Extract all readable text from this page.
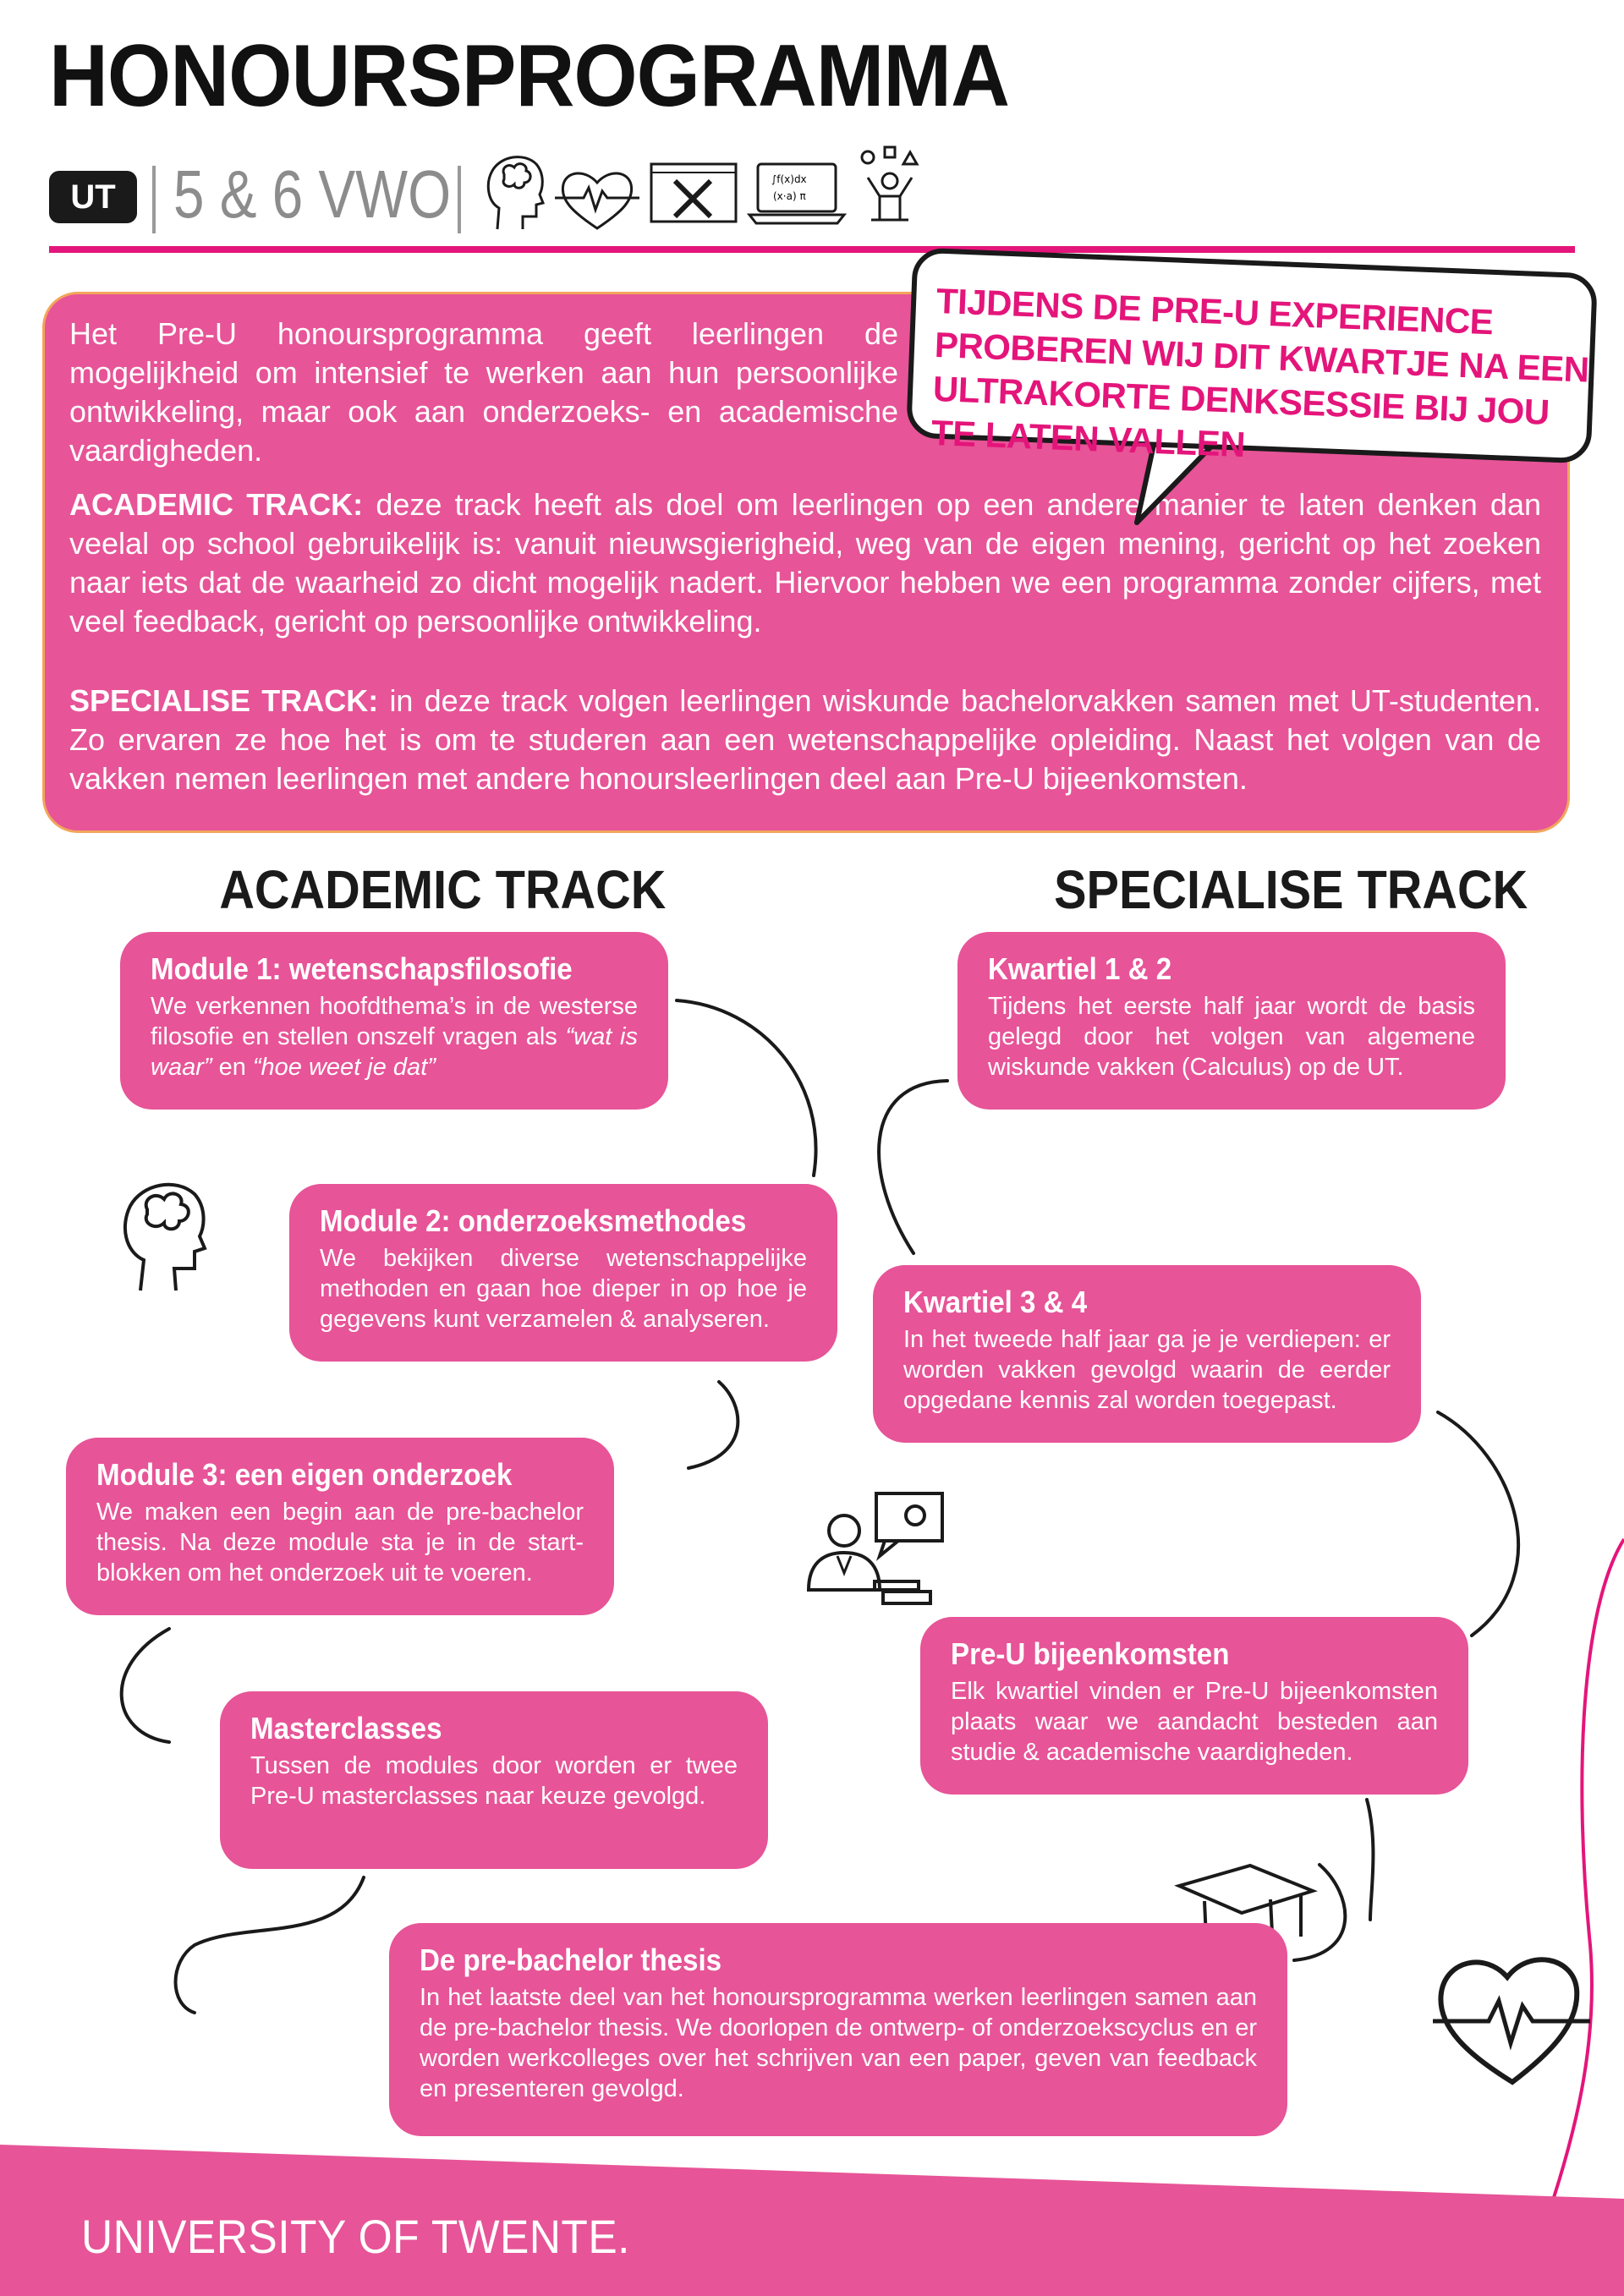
HONOURSPROGRAMMA
UT 5 & 6 VWO	∫f(x)dx
(x·a) π
Het Pre-U honoursprogramma geeft leerlingen de mogelijkheid om intensief te werken aan hun persoonlijke ontwikkeling, maar ook aan onderzoeks- en academische vaardigheden.
ACADEMIC TRACK: deze track heeft als doel om leerlingen op een andere manier te laten denken dan veelal op school gebruikelijk is: vanuit nieuwsgierigheid, weg van de eigen mening, gericht op het zoeken naar iets dat de waarheid zo dicht mogelijk nadert. Hiervoor hebben we een programma zonder cijfers, met veel feedback, gericht op persoonlijke ontwikkeling.
SPECIALISE TRACK: in deze track volgen leerlingen wiskunde bachelorvakken samen met UT-studenten. Zo ervaren ze hoe het is om te studeren aan een wetenschappelijke opleiding. Naast het volgen van de vakken nemen leerlingen met andere honoursleerlingen deel aan Pre-U bijeenkomsten.
TIJDENS DE PRE-U EXPERIENCE PROBEREN WIJ DIT KWARTJE NA EEN ULTRAKORTE DENKSESSIE BIJ JOU TE LATEN VALLEN
ACADEMIC TRACK	SPECIALISE TRACK
Module 1: wetenschapsfilosofie
We verkennen hoofdthema’s in de westerse filosofie en stellen onszelf vragen als “wat is waar” en “hoe weet je dat”
Module 2: onderzoeksmethodes
We bekijken diverse wetenschappelijke methoden en gaan hoe dieper in op hoe je gegevens kunt verzamelen & analyseren.
Module 3: een eigen onderzoek
We maken een begin aan de pre-bachelor thesis. Na deze module sta je in de start-blokken om het onderzoek uit te voeren.
Masterclasses
Tussen de modules door worden er twee Pre-U masterclasses naar keuze gevolgd.
Kwartiel 1 & 2
Tijdens het eerste half jaar wordt de basis gelegd door het volgen van algemene wiskunde vakken (Calculus) op de UT.
Kwartiel 3 & 4
In het tweede half jaar ga je je verdiepen: er worden vakken gevolgd waarin de eerder opgedane kennis zal worden toegepast.
Pre-U bijeenkomsten
Elk kwartiel vinden er Pre-U bijeenkomsten plaats waar we aandacht besteden aan studie & academische vaardigheden.
De pre-bachelor thesis
In het laatste deel van het honoursprogramma werken leerlingen samen aan de pre-bachelor thesis. We doorlopen de ontwerp- of onderzoekscyclus en er worden werkcolleges over het schrijven van een paper, geven van feedback en presenteren gevolgd.
UNIVERSITY OF TWENTE.
